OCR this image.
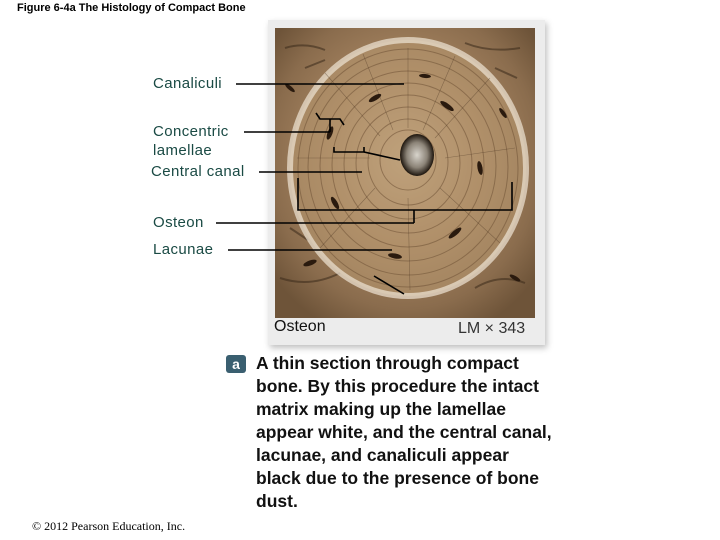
Figure 6-4a The Histology of Compact Bone
Canaliculi
Concentric
lamellae
Central canal
Osteon
Lacunae
Osteon	LM × 343
a A thin section through compact bone. By this procedure the intact matrix making up the lamellae appear white, and the central canal, lacunae, and canaliculi appear black due to the presence of bone dust.
© 2012 Pearson Education, Inc.
